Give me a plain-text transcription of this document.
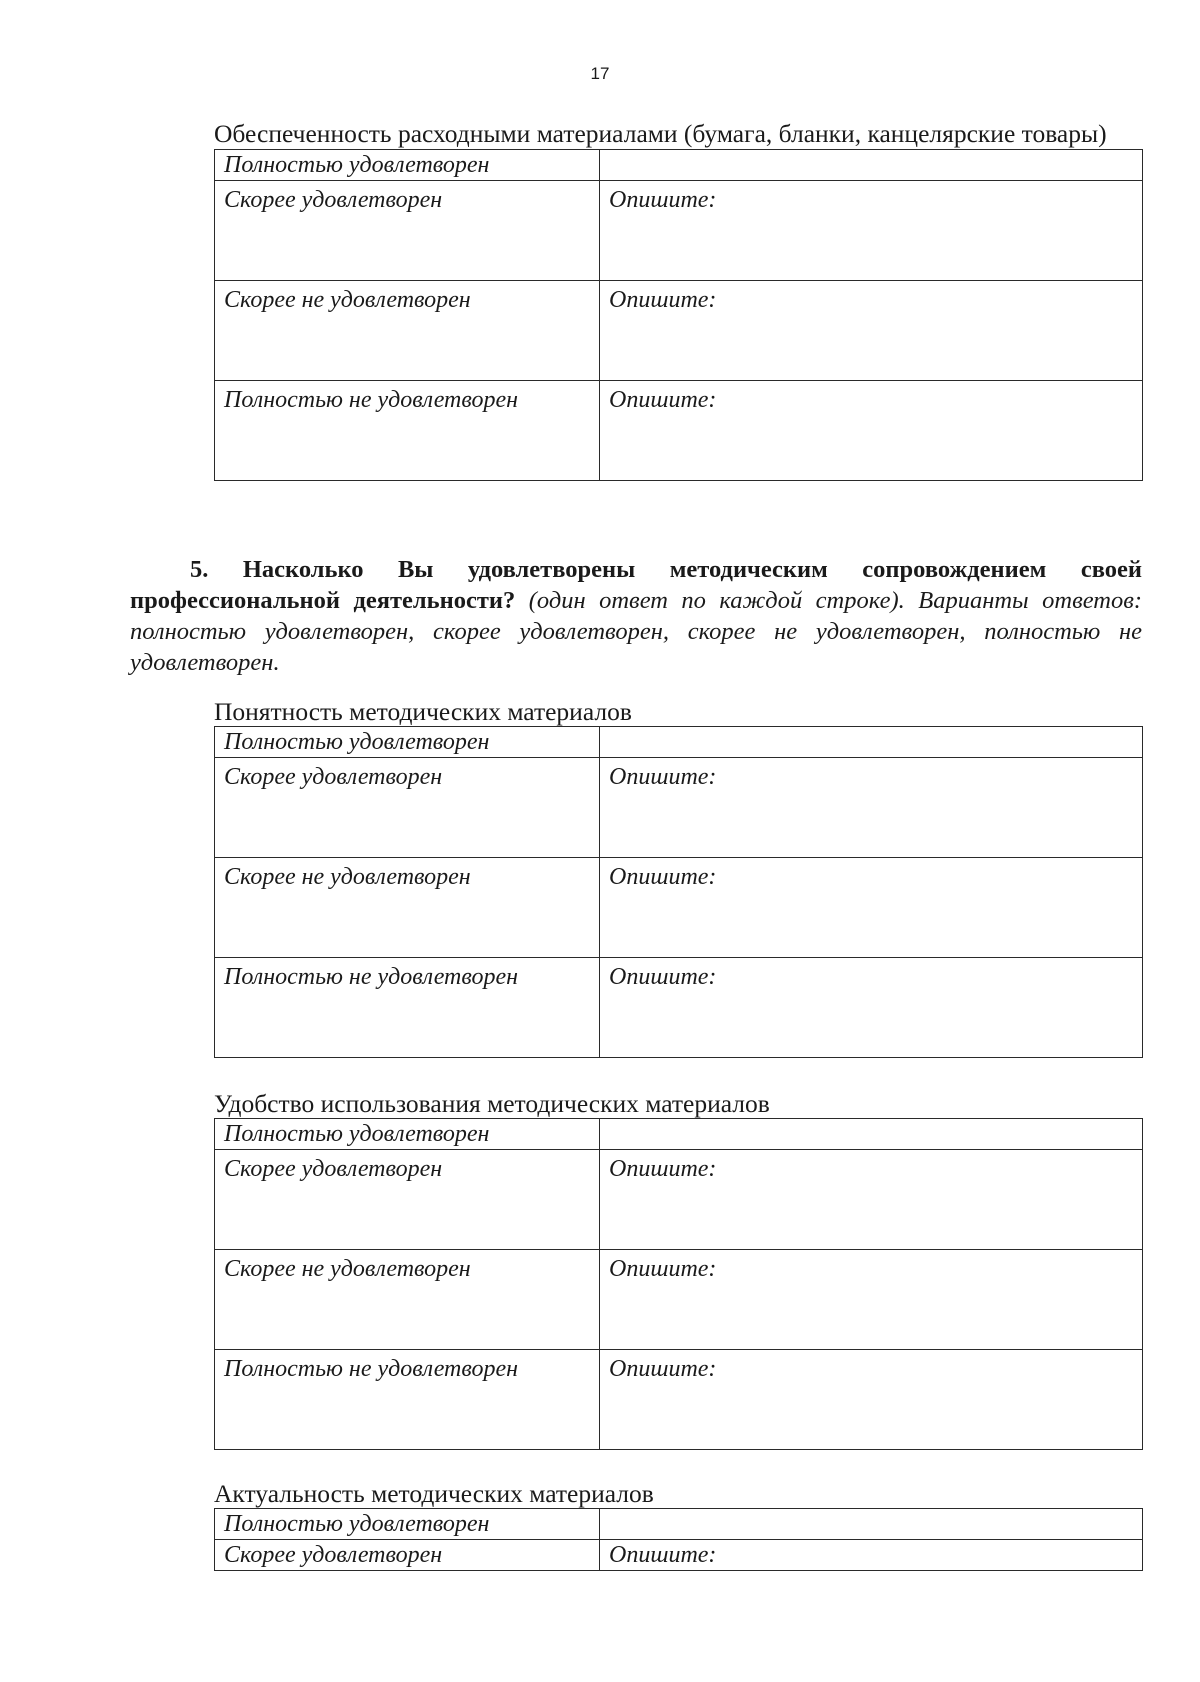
17
Обеспеченность расходными материалами (бумага, бланки, канцелярские товары)
Полностью удовлетворен	
Скорее удовлетворен	Опишите:
Скорее не удовлетворен	Опишите:
Полностью не удовлетворен	Опишите:
5. Насколько Вы удовлетворены методическим сопровождением своей профессиональной деятельности? (один ответ по каждой строке). Варианты ответов: полностью удовлетворен, скорее удовлетворен, скорее не удовлетворен, полностью не удовлетворен.
Понятность методических материалов
Полностью удовлетворен	
Скорее удовлетворен	Опишите:
Скорее не удовлетворен	Опишите:
Полностью не удовлетворен	Опишите:
Удобство использования методических материалов
Полностью удовлетворен	
Скорее удовлетворен	Опишите:
Скорее не удовлетворен	Опишите:
Полностью не удовлетворен	Опишите:
Актуальность методических материалов
Полностью удовлетворен	
Скорее удовлетворен	Опишите:
